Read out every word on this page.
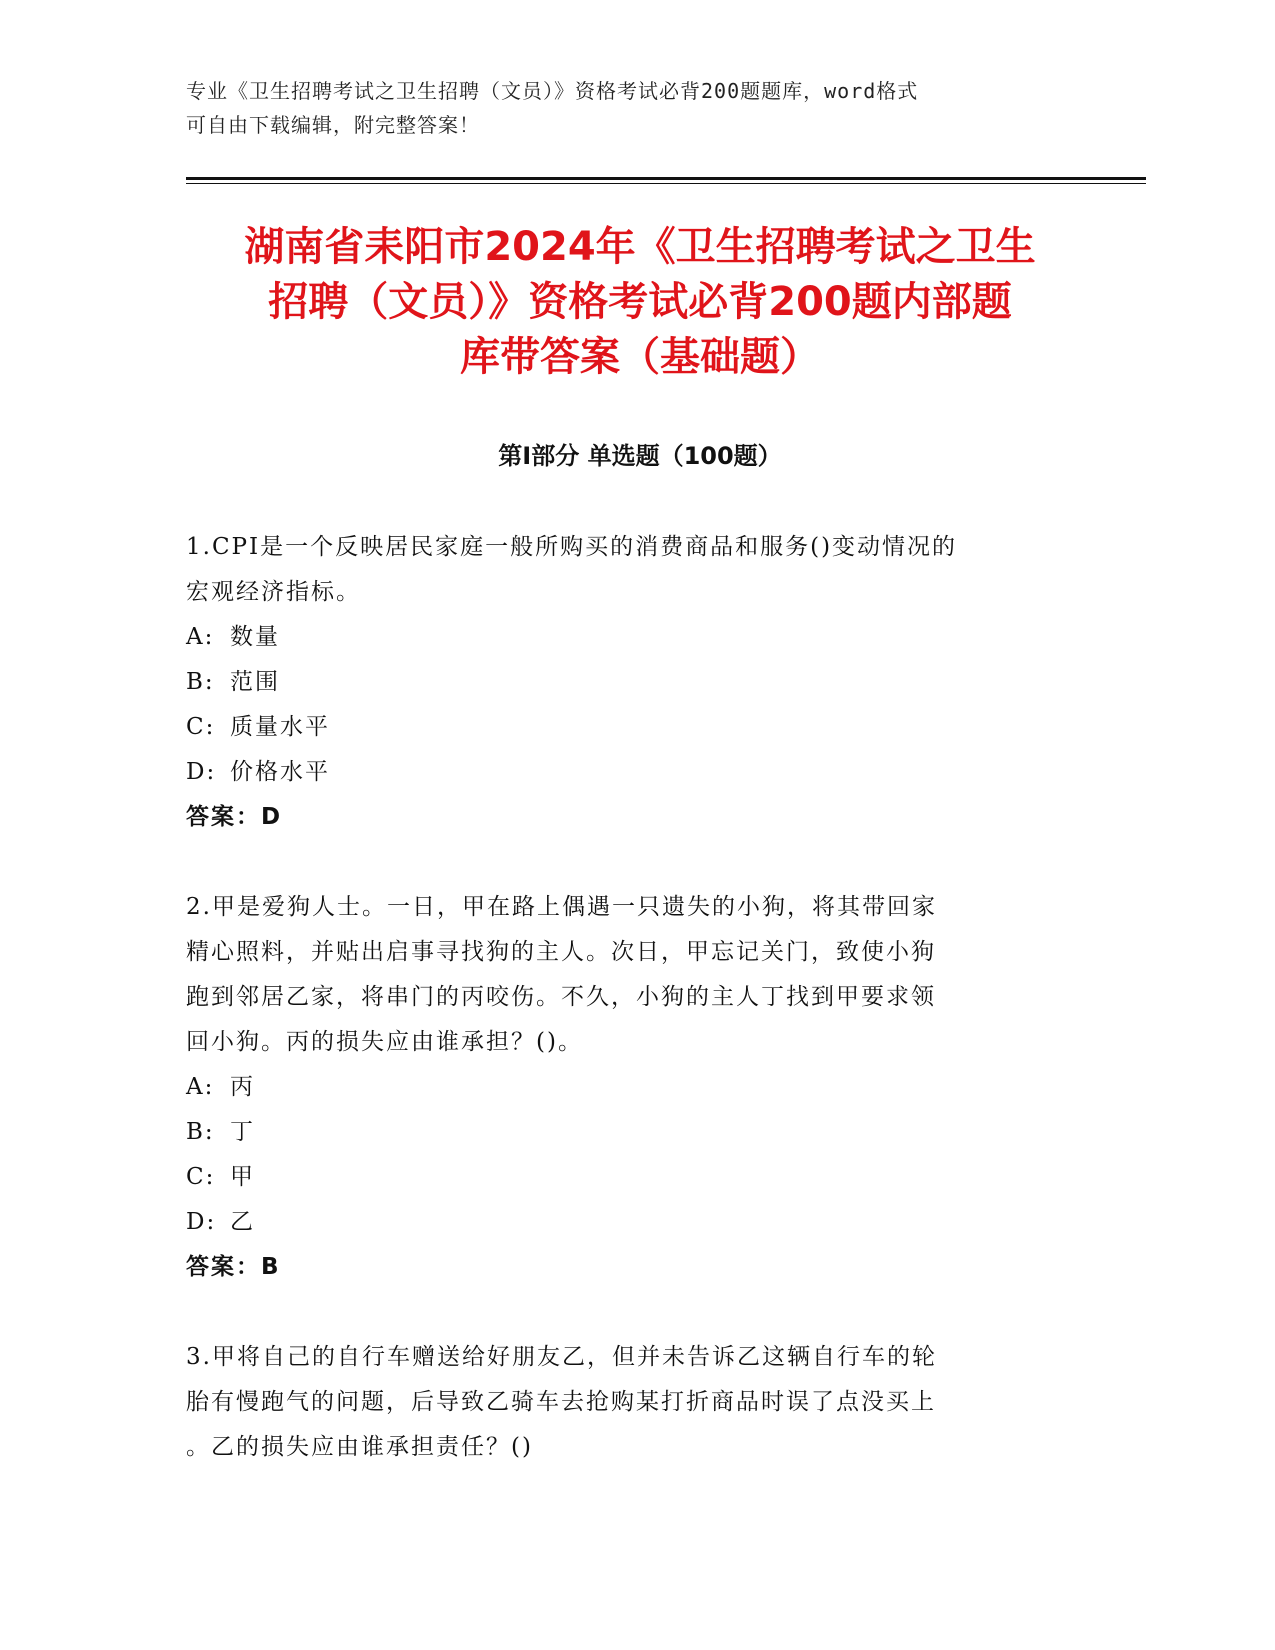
专业《卫生招聘考试之卫生招聘（文员）》资格考试必背200题题库，word格式
可自由下载编辑，附完整答案！
湖南省耒阳市2024年《卫生招聘考试之卫生
招聘（文员）》资格考试必背200题内部题
库带答案（基础题）
第Ⅰ部分 单选题（100题）
1.CPI是一个反映居民家庭一般所购买的消费商品和服务()变动情况的
宏观经济指标。
A: 数量
B: 范围
C: 质量水平
D: 价格水平
答案：D
2.甲是爱狗人士。一日，甲在路上偶遇一只遗失的小狗，将其带回家
精心照料，并贴出启事寻找狗的主人。次日，甲忘记关门，致使小狗
跑到邻居乙家，将串门的丙咬伤。不久，小狗的主人丁找到甲要求领
回小狗。丙的损失应由谁承担？()。
A: 丙
B: 丁
C: 甲
D: 乙
答案：B
3.甲将自己的自行车赠送给好朋友乙，但并未告诉乙这辆自行车的轮
胎有慢跑气的问题，后导致乙骑车去抢购某打折商品时误了点没买上
。乙的损失应由谁承担责任？()
